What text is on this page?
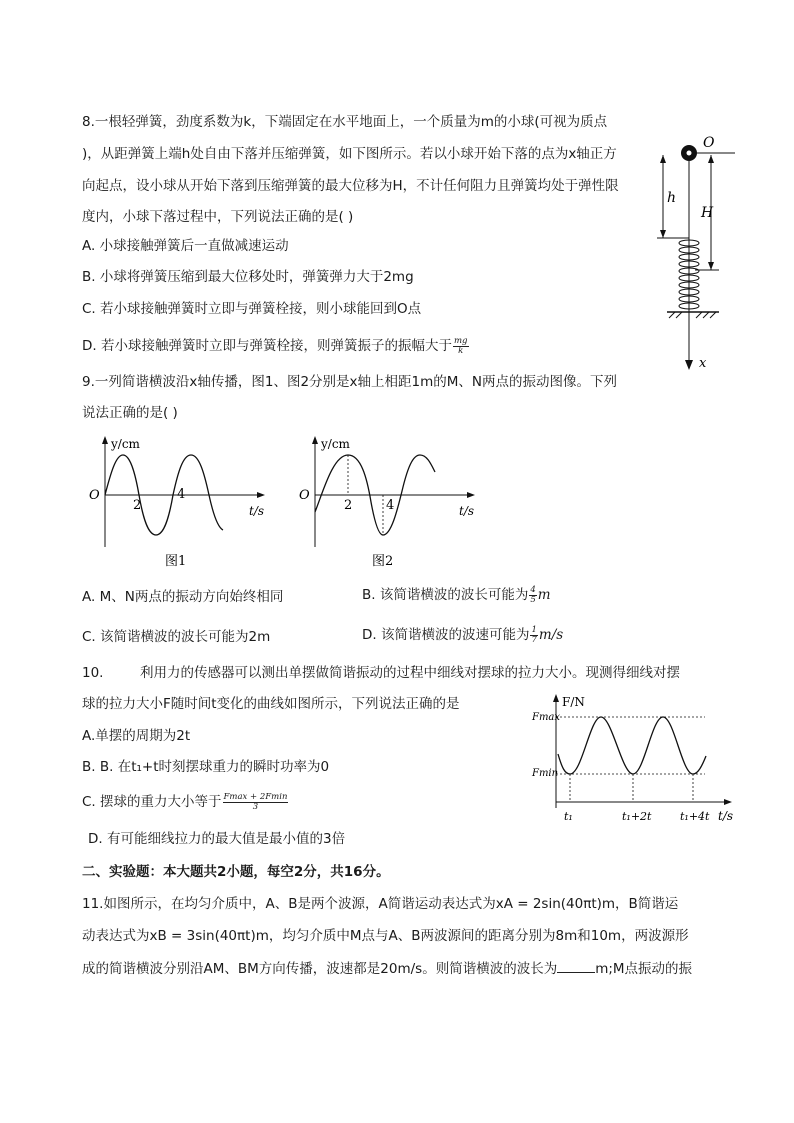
8.一根轻弹簧，劲度系数为k，下端固定在水平地面上，一个质量为m的小球(可视为质点
)，从距弹簧上端h处自由下落并压缩弹簧，如下图所示。若以小球开始下落的点为x轴正方
向起点，设小球从开始下落到压缩弹簧的最大位移为H，不计任何阻力且弹簧均处于弹性限
度内，小球下落过程中，下列说法正确的是( )
A. 小球接触弹簧后一直做减速运动
B. 小球将弹簧压缩到最大位移处时，弹簧弹力大于2mg
C. 若小球接触弹簧时立即与弹簧栓接，则小球能回到O点
D. 若小球接触弹簧时立即与弹簧栓接，则弹簧振子的振幅大于 $\frac{mg}{k}$
O
x
h
H
9.一列简谐横波沿x轴传播，图1、图2分别是x轴上相距1m的M、N两点的振动图像。下列
说法正确的是( )
y/cm
O
2
4
t/s
图1
y/cm
O
2	4	t/s
图2
A. M、N两点的振动方向始终相同	B. 该简谐横波的波长可能为 $\frac{4}{5}$ m
C. 该简谐横波的波长可能为2m	D. 该简谐横波的波速可能为 $\frac{1}{7} m/s$
10.	利用力的传感器可以测出单摆做简谐振动的过程中细线对摆球的拉力大小。现测得细线对摆
球的拉力大小F随时间t变化的曲线如图所示，下列说法正确的是
A.单摆的周期为2t
B. B. 在t₁+t时刻摆球重力的瞬时功率为0
C. 摆球的重力大小等于 $\frac{Fmax + 2Fmin}{3}$
D. 有可能细线拉力的最大值是最小值的3倍
F/N
t/s
Fmax
Fmin
t₁	t₁+2t	t₁+4t
二、实验题：本大题共2小题，每空2分，共16分。
11.如图所示，在均匀介质中，A、B是两个波源，A简谐运动表达式为xA = 2sin(40πt)m，B简谐运
动表达式为xB = 3sin(40πt)m，均匀介质中M点与A、B两波源间的距离分别为8m和10m，两波源形
成的简谐横波分别沿AM、BM方向传播，波速都是20m/s。则简谐横波的波长为	m;M点振动的振
